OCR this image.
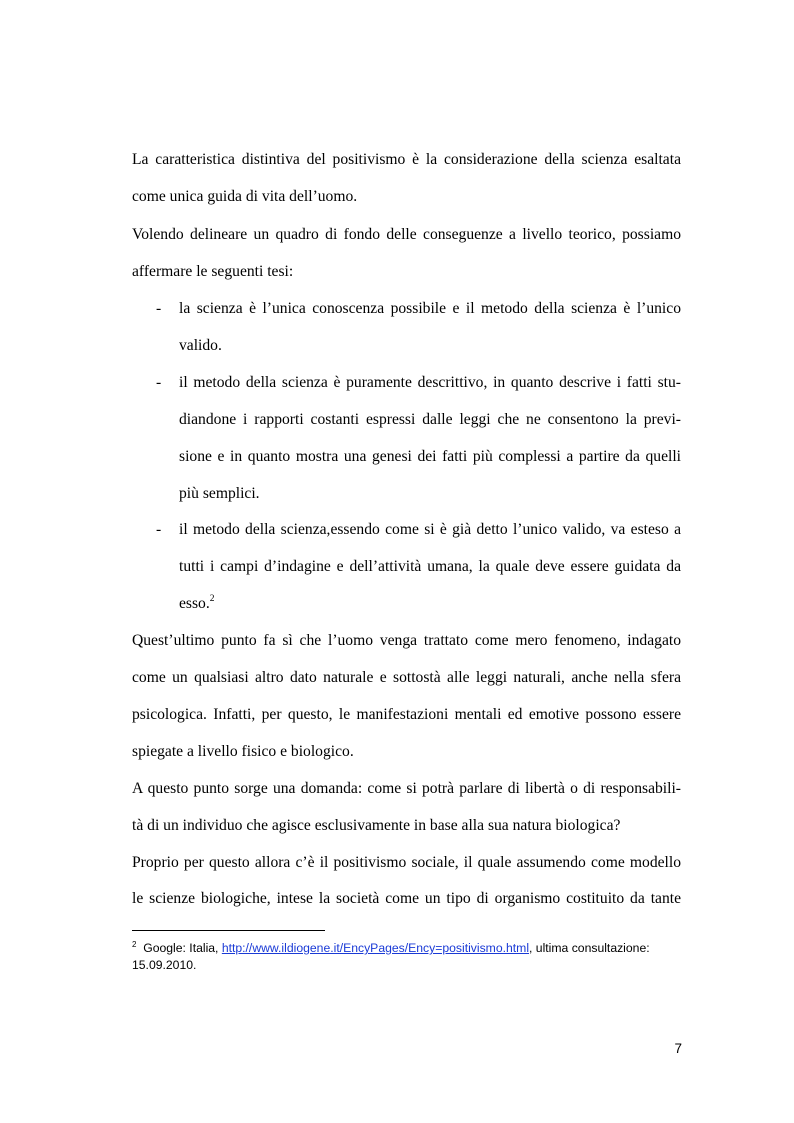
La caratteristica distintiva del positivismo è la considerazione della scienza esaltata
come unica guida di vita dell’uomo.
Volendo delineare un quadro di fondo delle conseguenze a livello teorico, possiamo
affermare le seguenti tesi:
- la scienza è l’unica conoscenza possibile e il metodo della scienza è l’unico
valido.
- il metodo della scienza è puramente descrittivo, in quanto descrive i fatti stu-
diandone i rapporti costanti espressi dalle leggi che ne consentono la previ-
sione e in quanto mostra una genesi dei fatti più complessi a partire da quelli
più semplici.
- il metodo della scienza,essendo come si è già detto l’unico valido, va esteso a
tutti i campi d’indagine e dell’attività umana, la quale deve essere guidata da
esso.$^2$
Quest’ultimo punto fa sì che l’uomo venga trattato come mero fenomeno, indagato
come un qualsiasi altro dato naturale e sottostà alle leggi naturali, anche nella sfera
psicologica. Infatti, per questo, le manifestazioni mentali ed emotive possono essere
spiegate a livello fisico e biologico.
A questo punto sorge una domanda: come si potrà parlare di libertà o di responsabili-
tà di un individuo che agisce esclusivamente in base alla sua natura biologica?
Proprio per questo allora c’è il positivismo sociale, il quale assumendo come modello
le scienze biologiche, intese la società come un tipo di organismo costituito da tante
$^2$ Google: Italia, http://www.ildiogene.it/EncyPages/Ency=positivismo.html, ultima consultazione:
15.09.2010.
7
